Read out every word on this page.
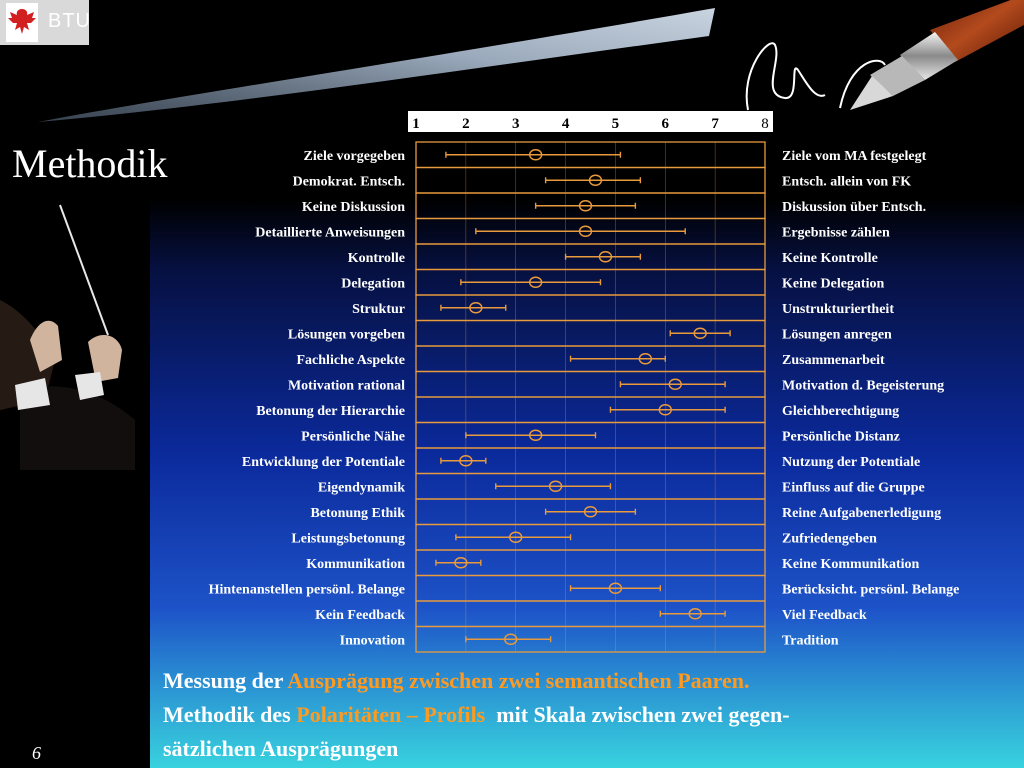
BTU
Methodik
1	2	3	4	5	6	7	8
Ziele vorgegeben	Ziele vom MA festgelegt
Demokrat. Entsch.	Entsch. allein von FK
Keine Diskussion	Diskussion über Entsch.
Detaillierte Anweisungen	Ergebnisse zählen
Kontrolle	Keine Kontrolle
Delegation	Keine Delegation
Struktur	Unstrukturiertheit
Lösungen vorgeben	Lösungen anregen
Fachliche Aspekte	Zusammenarbeit
Motivation rational	Motivation d. Begeisterung
Betonung der Hierarchie	Gleichberechtigung
Persönliche Nähe	Persönliche Distanz
Entwicklung der Potentiale	Nutzung der Potentiale
Eigendynamik	Einfluss auf die Gruppe
Betonung Ethik	Reine Aufgabenerledigung
Leistungsbetonung	Zufriedengeben
Kommunikation	Keine Kommunikation
Hintenanstellen persönl. Belange	Berücksicht. persönl. Belange
Kein Feedback	Viel Feedback
Innovation	Tradition
Messung der Ausprägung zwischen zwei semantischen Paaren.
Methodik des Polaritäten – Profils mit Skala zwischen zwei gegen-
sätzlichen Ausprägungen
6
